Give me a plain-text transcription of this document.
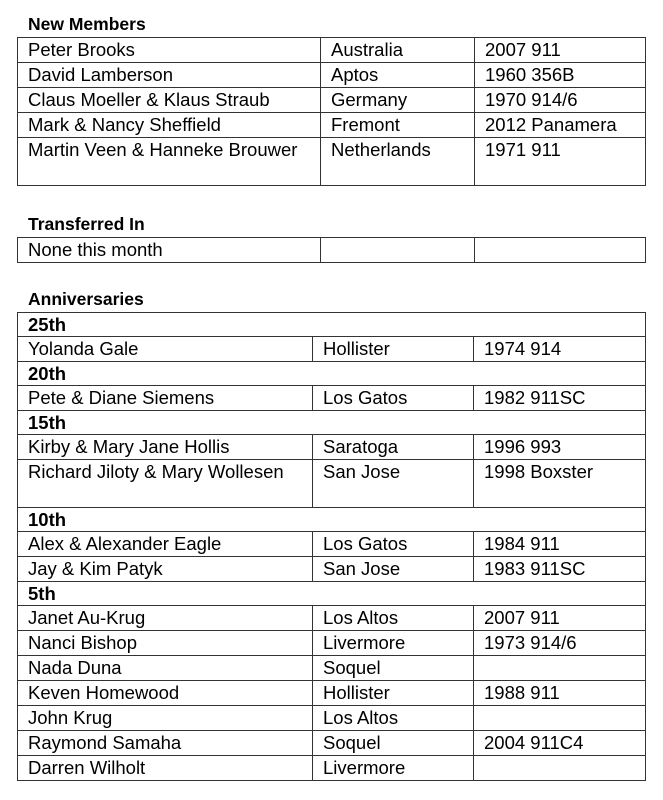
New Members
Peter Brooks	Australia	2007 911
David Lamberson	Aptos	1960 356B
Claus Moeller & Klaus Straub	Germany	1970 914/6
Mark & Nancy Sheffield	Fremont	2012 Panamera
Martin Veen & Hanneke Brouwer	Netherlands	1971 911
Transferred In
None this month		
Anniversaries
25th		
Yolanda Gale	Hollister	1974 914
20th		
Pete & Diane Siemens	Los Gatos	1982 911SC
15th		
Kirby & Mary Jane Hollis	Saratoga	1996 993
Richard Jiloty & Mary Wollesen	San Jose	1998 Boxster
10th		
Alex & Alexander Eagle	Los Gatos	1984 911
Jay & Kim Patyk	San Jose	1983 911SC
5th		
Janet Au-Krug	Los Altos	2007 911
Nanci Bishop	Livermore	1973 914/6
Nada Duna	Soquel	
Keven Homewood	Hollister	1988 911
John Krug	Los Altos	
Raymond Samaha	Soquel	2004 911C4
Darren Wilholt	Livermore	
